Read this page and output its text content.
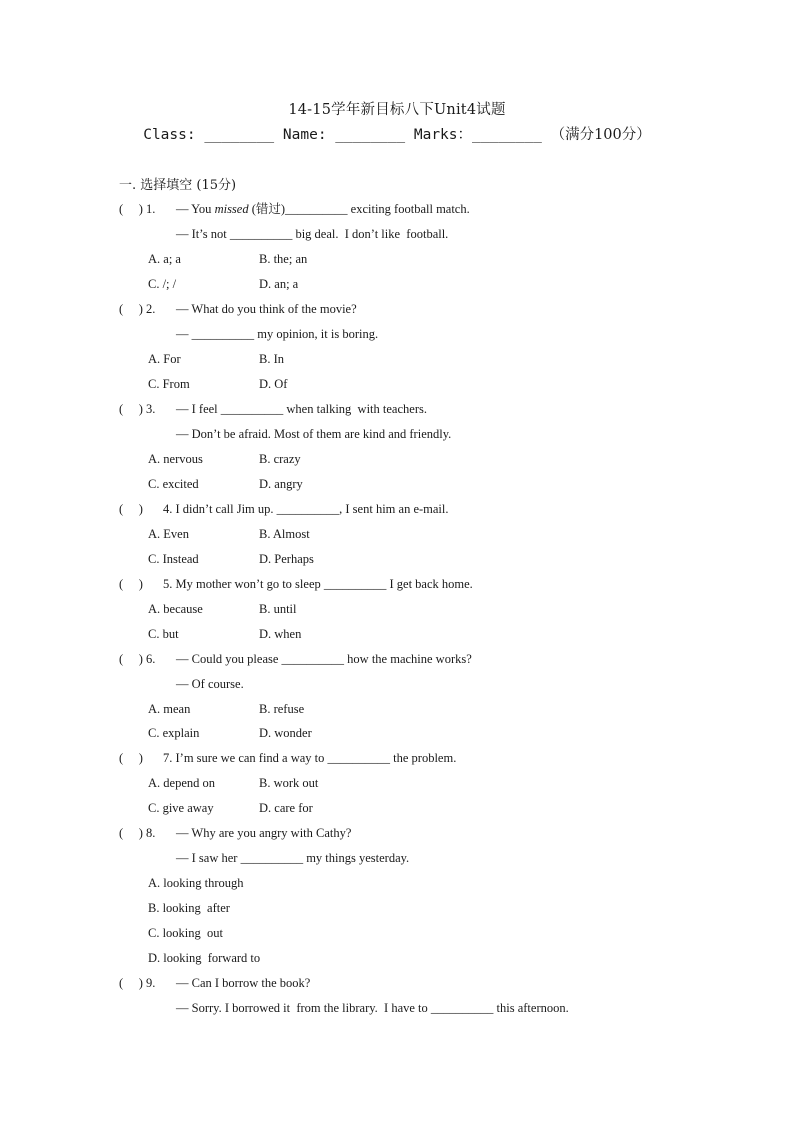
14-15学年新目标八下Unit4试题
Class: ________ Name: ________ Marks：________ （满分100分）
一. 选择填空 (15分)
(     ) 1. — You missed (错过)__________ exciting football match.
— It’s not __________ big deal.  I don’t like  football.
A. a; a	B. the; an
C. /; /	D. an; a
(     ) 2. — What do you think of the movie?
— __________ my opinion, it is boring.
A. For	B. In
C. From	D. Of
(     ) 3. — I feel __________ when talking  with teachers.
— Don’t be afraid. Most of them are kind and friendly.
A. nervous	B. crazy
C. excited	D. angry
(     ) 4. I didn’t call Jim up. __________, I sent him an e-mail.
A. Even	B. Almost
C. Instead	D. Perhaps
(     ) 5. My mother won’t go to sleep __________ I get back home.
A. because	B. until
C. but	D. when
(     ) 6. — Could you please __________ how the machine works?
— Of course.
A. mean	B. refuse
C. explain	D. wonder
(     ) 7. I’m sure we can find a way to __________ the problem.
A. depend on	B. work out
C. give away	D. care for
(     ) 8. — Why are you angry with Cathy?
— I saw her __________ my things yesterday.
A. looking through
B. looking  after
C. looking  out
D. looking  forward to
(     ) 9. — Can I borrow the book?
— Sorry. I borrowed it  from the library.  I have to __________ this afternoon.
